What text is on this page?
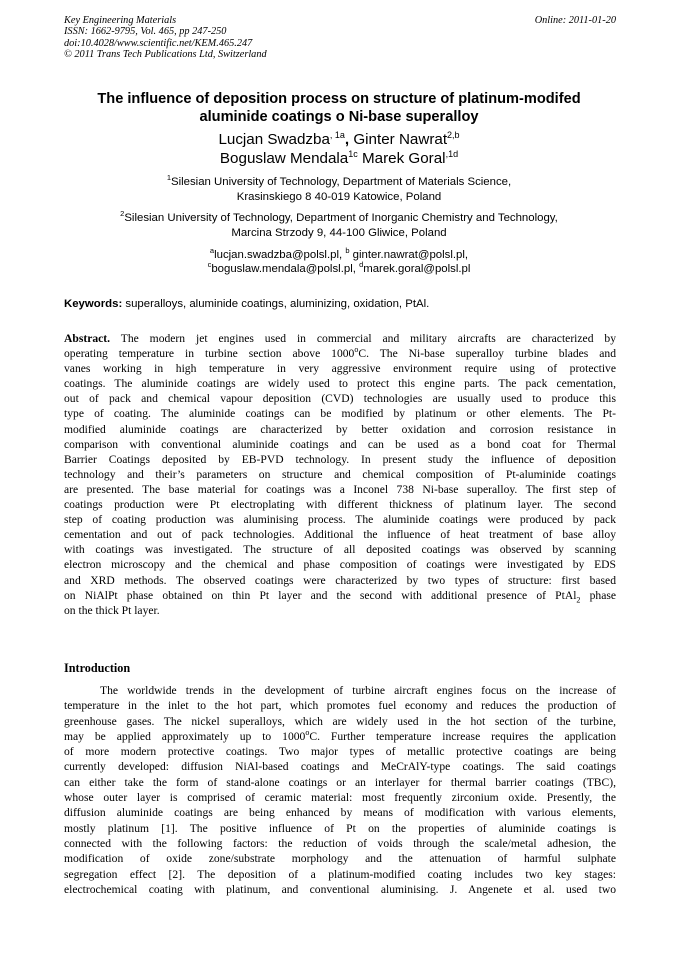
Key Engineering Materials
ISSN: 1662-9795, Vol. 465, pp 247-250
doi:10.4028/www.scientific.net/KEM.465.247
© 2011 Trans Tech Publications Ltd, Switzerland
Online: 2011-01-20
The influence of deposition process on structure of platinum-modifed
aluminide coatings o Ni-base superalloy
Lucjan Swadzba$^{, 1a}$, Ginter Nawrat$^{2,b}$
Boguslaw Mendala$^{1c}$ Marek Goral$^{,1d}$
$^1$Silesian University of Technology, Department of Materials Science,
Krasinskiego 8 40-019 Katowice, Poland
$^2$Silesian University of Technology, Department of Inorganic Chemistry and Technology,
Marcina Strzody 9, 44-100 Gliwice, Poland
$^a$lucjan.swadzba@polsl.pl, $^b$ ginter.nawrat@polsl.pl,
$^c$boguslaw.mendala@polsl.pl, $^d$marek.goral@polsl.pl
Keywords: superalloys, aluminide coatings, aluminizing, oxidation, PtAl.
Abstract. The modern jet engines used in commercial and military aircrafts are characterized by
operating temperature in turbine section above 1000$^o$C. The Ni-base superalloy turbine blades and
vanes working in high temperature in very aggressive environment require using of protective
coatings. The aluminide coatings are widely used to protect this engine parts. The pack cementation,
out of pack and chemical vapour deposition (CVD) technologies are usually used to produce this
type of coating. The aluminide coatings can be modified by platinum or other elements. The Pt-
modified aluminide coatings are characterized by better oxidation and corrosion resistance in
comparison with conventional aluminide coatings and can be used as a bond coat for Thermal
Barrier Coatings deposited by EB-PVD technology. In present study the influence of deposition
technology and their’s parameters on structure and chemical composition of Pt-aluminide coatings
are presented. The base material for coatings was a Inconel 738 Ni-base superalloy. The first step of
coatings production were Pt electroplating with different thickness of platinum layer. The second
step of coating production was aluminising process. The aluminide coatings were produced by pack
cementation and out of pack technologies. Additional the influence of heat treatment of base alloy
with coatings was investigated. The structure of all deposited coatings was observed by scanning
electron microscopy and the chemical and phase composition of coatings were investigated by EDS
and XRD methods. The observed coatings were characterized by two types of structure: first based
on NiAlPt phase obtained on thin Pt layer and the second with additional presence of PtAl$_2$ phase
on the thick Pt layer.
Introduction
The worldwide trends in the development of turbine aircraft engines focus on the increase of
temperature in the inlet to the hot part, which promotes fuel economy and reduces the production of
greenhouse gases. The nickel superalloys, which are widely used in the hot section of the turbine,
may be applied approximately up to 1000$^o$C. Further temperature increase requires the application
of more modern protective coatings. Two major types of metallic protective coatings are being
currently developed: diffusion NiAl-based coatings and MeCrAlY-type coatings. The said coatings
can either take the form of stand-alone coatings or an interlayer for thermal barrier coatings (TBC),
whose outer layer is comprised of ceramic material: most frequently zirconium oxide. Presently, the
diffusion aluminide coatings are being enhanced by means of modification with various elements,
mostly platinum [1]. The positive influence of Pt on the properties of aluminide coatings is
connected with the following factors: the reduction of voids through the scale/metal adhesion, the
modification of oxide zone/substrate morphology and the attenuation of harmful sulphate
segregation effect [2]. The deposition of a platinum-modified coating includes two key stages:
electrochemical coating with platinum, and conventional aluminising. J. Angenete et al. used two
